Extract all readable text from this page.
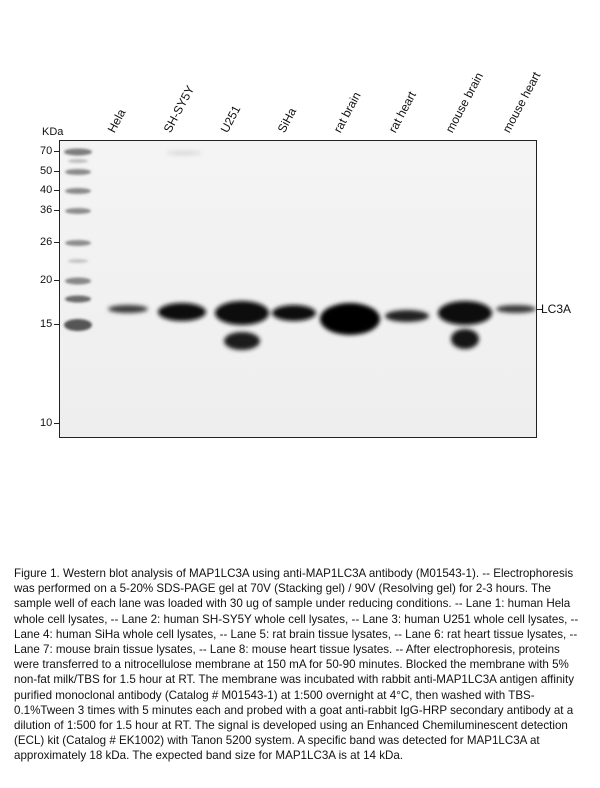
Hela	SH-SY5Y U251	SiHa	rat brain rat heart mouse brain mouse heart
KDa
70
50
40
36
26
20
15
10
LC3A
Figure 1. Western blot analysis of MAP1LC3A using anti-MAP1LC3A antibody (M01543-1). -- Electrophoresis was performed on a 5-20% SDS-PAGE gel at 70V (Stacking gel) / 90V (Resolving gel) for 2-3 hours. The sample well of each lane was loaded with 30 ug of sample under reducing conditions. -- Lane 1: human Hela whole cell lysates, -- Lane 2: human SH-SY5Y whole cell lysates, -- Lane 3: human U251 whole cell lysates, -- Lane 4: human SiHa whole cell lysates, -- Lane 5: rat brain tissue lysates, -- Lane 6: rat heart tissue lysates, -- Lane 7: mouse brain tissue lysates, -- Lane 8: mouse heart tissue lysates. -- After electrophoresis, proteins were transferred to a nitrocellulose membrane at 150 mA for 50-90 minutes. Blocked the membrane with 5% non-fat milk/TBS for 1.5 hour at RT. The membrane was incubated with rabbit anti-MAP1LC3A antigen affinity purified monoclonal antibody (Catalog # M01543-1) at 1:500 overnight at 4°C, then washed with TBS-0.1%Tween 3 times with 5 minutes each and probed with a goat anti-rabbit IgG-HRP secondary antibody at a dilution of 1:500 for 1.5 hour at RT. The signal is developed using an Enhanced Chemiluminescent detection (ECL) kit (Catalog # EK1002) with Tanon 5200 system. A specific band was detected for MAP1LC3A at approximately 18 kDa. The expected band size for MAP1LC3A is at 14 kDa.
